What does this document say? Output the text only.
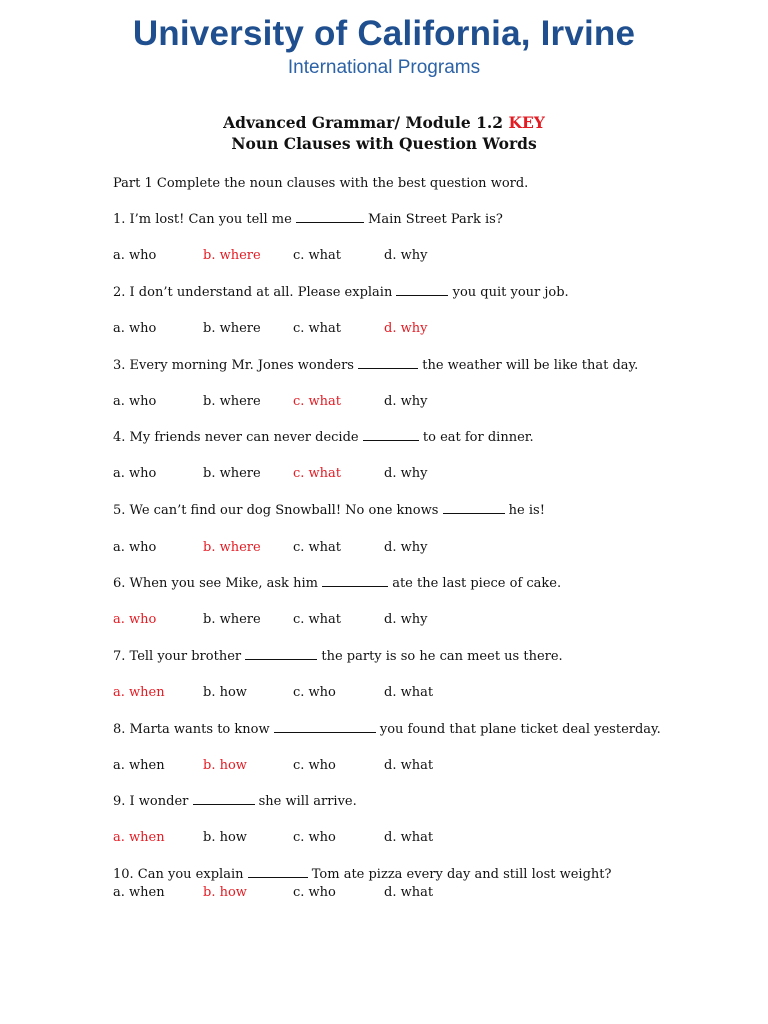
University of California, Irvine
International Programs
Advanced Grammar/ Module 1.2 KEY
Noun Clauses with Question Words
Part 1 Complete the noun clauses with the best question word.
1. I’m lost! Can you tell me	Main Street Park is?
a. who	b. where c. what	d. why
2. I don’t understand at all. Please explain	you quit your job.
a. who	b. where c. what	d. why
3. Every morning Mr. Jones wonders	the weather will be like that day.
a. who	b. where c. what	d. why
4. My friends never can never decide	to eat for dinner.
a. who	b. where c. what	d. why
5. We can’t find our dog Snowball! No one knows	he is!
a. who	b. where c. what	d. why
6. When you see Mike, ask him	ate the last piece of cake.
a. who	b. where c. what	d. why
7. Tell your brother	the party is so he can meet us there.
a. when	b. how	c. who	d. what
8. Marta wants to know	you found that plane ticket deal yesterday.
a. when	b. how	c. who	d. what
9. I wonder	she will arrive.
a. when	b. how	c. who	d. what
10. Can you explain	Tom ate pizza every day and still lost weight?
a. when	b. how	c. who	d. what
